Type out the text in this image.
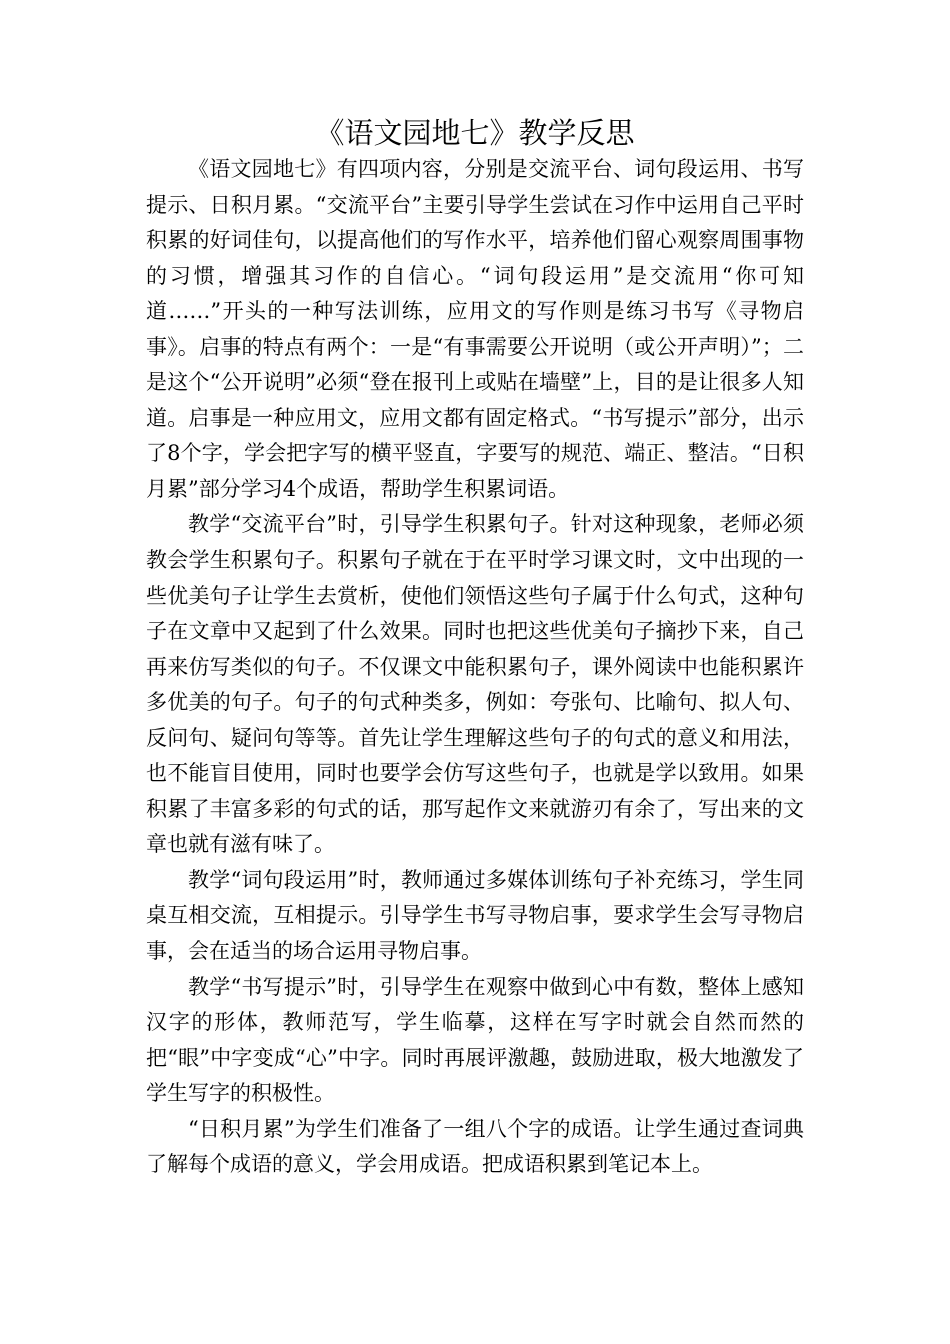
《语文园地七》教学反思

《语文园地七》有四项内容，分别是交流平台、词句段运用、书写提示、日积月累。“交流平台”主要引导学生尝试在习作中运用自己平时积累的好词佳句，以提高他们的写作水平，培养他们留心观察周围事物的习惯，增强其习作的自信心。“词句段运用”是交流用“你可知道……”开头的一种写法训练，应用文的写作则是练习书写《寻物启事》。启事的特点有两个：一是“有事需要公开说明（或公开声明）”；二是这个“公开说明”必须“登在报刊上或贴在墙壁”上，目的是让很多人知道。启事是一种应用文，应用文都有固定格式。“书写提示”部分，出示了8个字，学会把字写的横平竖直，字要写的规范、端正、整洁。“日积月累”部分学习4个成语，帮助学生积累词语。

教学“交流平台”时，引导学生积累句子。针对这种现象，老师必须教会学生积累句子。积累句子就在于在平时学习课文时，文中出现的一些优美句子让学生去赏析，使他们领悟这些句子属于什么句式，这种句子在文章中又起到了什么效果。同时也把这些优美句子摘抄下来，自己再来仿写类似的句子。不仅课文中能积累句子，课外阅读中也能积累许多优美的句子。句子的句式种类多，例如：夸张句、比喻句、拟人句、反问句、疑问句等等。首先让学生理解这些句子的句式的意义和用法，也不能盲目使用，同时也要学会仿写这些句子，也就是学以致用。如果积累了丰富多彩的句式的话，那写起作文来就游刃有余了，写出来的文章也就有滋有味了。

教学“词句段运用”时，教师通过多媒体训练句子补充练习，学生同桌互相交流，互相提示。引导学生书写寻物启事，要求学生会写寻物启事，会在适当的场合运用寻物启事。

教学“书写提示”时，引导学生在观察中做到心中有数，整体上感知汉字的形体，教师范写，学生临摹，这样在写字时就会自然而然的把“眼”中字变成“心”中字。同时再展评激趣，鼓励进取，极大地激发了学生写字的积极性。

“日积月累”为学生们准备了一组八个字的成语。让学生通过查词典了解每个成语的意义，学会用成语。把成语积累到笔记本上。
